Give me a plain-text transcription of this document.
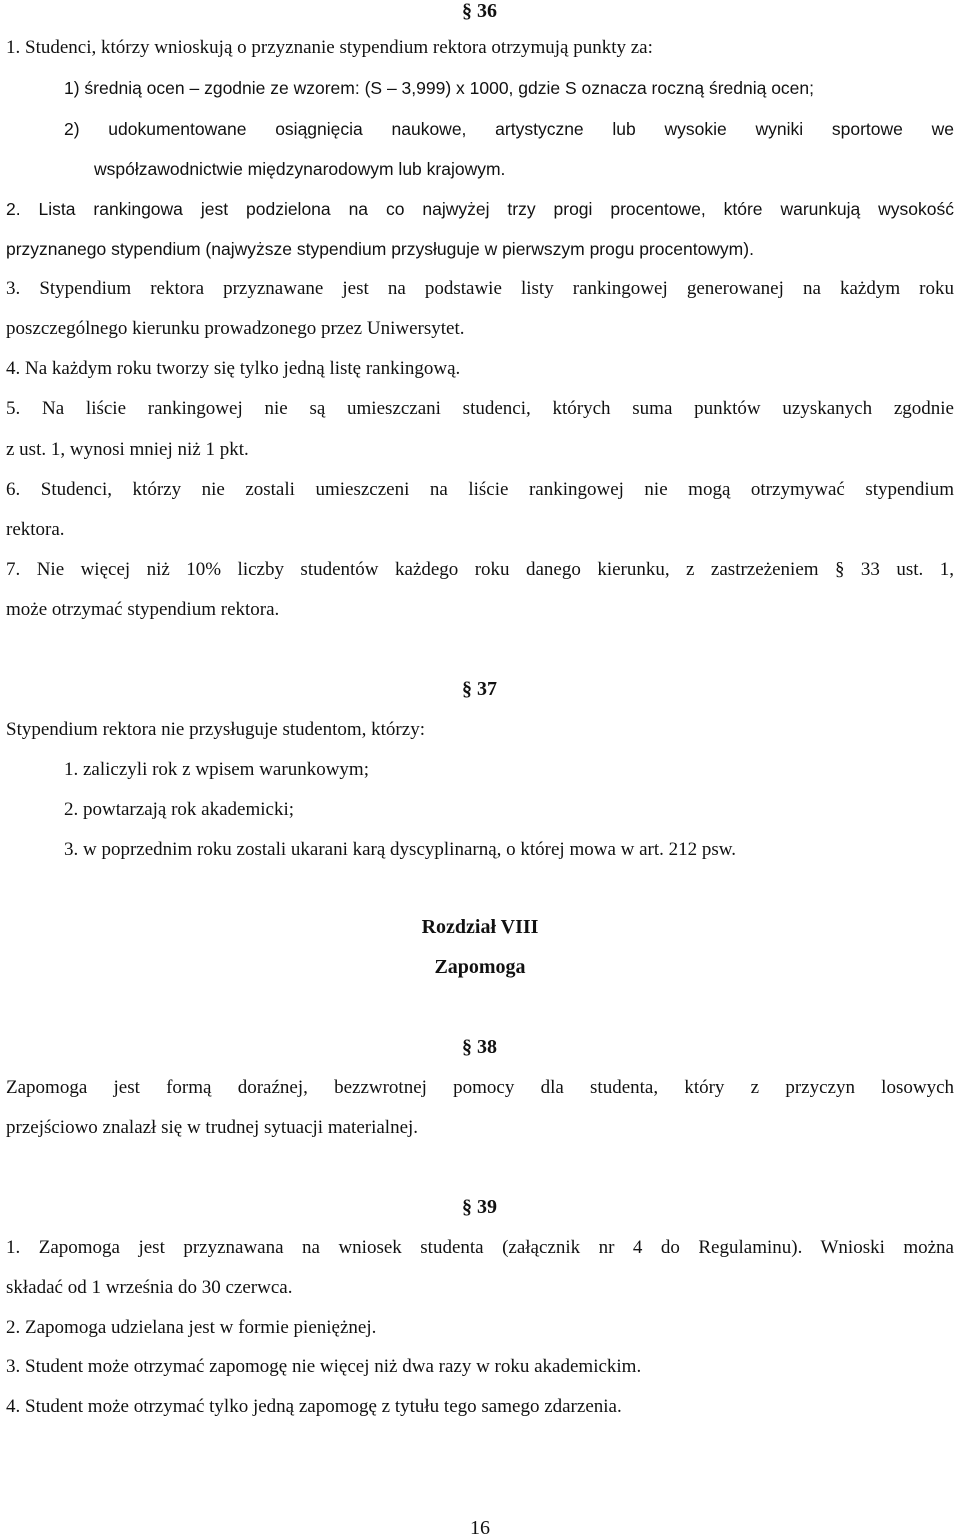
§ 36
1. Studenci, którzy wnioskują o przyznanie stypendium rektora otrzymują punkty za:
1) średnią ocen – zgodnie ze wzorem: (S – 3,999) x 1000, gdzie S oznacza roczną średnią ocen;
2) udokumentowane osiągnięcia naukowe, artystyczne lub wysokie wyniki sportowe we
współzawodnictwie międzynarodowym lub krajowym.
2. Lista rankingowa jest podzielona na co najwyżej trzy progi procentowe, które warunkują wysokość
przyznanego stypendium (najwyższe stypendium przysługuje w pierwszym progu procentowym).
3. Stypendium rektora przyznawane jest na podstawie listy rankingowej generowanej na każdym roku
poszczególnego kierunku prowadzonego przez Uniwersytet.
4. Na każdym roku tworzy się tylko jedną listę rankingową.
5. Na liście rankingowej nie są umieszczani studenci, których suma punktów uzyskanych zgodnie
z ust. 1, wynosi mniej niż 1 pkt.
6. Studenci, którzy nie zostali umieszczeni na liście rankingowej nie mogą otrzymywać stypendium
rektora.
7. Nie więcej niż 10% liczby studentów każdego roku danego kierunku, z zastrzeżeniem § 33 ust. 1,
może otrzymać stypendium rektora.
§ 37
Stypendium rektora nie przysługuje studentom, którzy:
1. zaliczyli rok z wpisem warunkowym;
2. powtarzają rok akademicki;
3. w poprzednim roku zostali ukarani karą dyscyplinarną, o której mowa w art. 212 psw.
Rozdział VIII
Zapomoga
§ 38
Zapomoga jest formą doraźnej, bezzwrotnej pomocy dla studenta, który z przyczyn losowych
przejściowo znalazł się w trudnej sytuacji materialnej.
§ 39
1. Zapomoga jest przyznawana na wniosek studenta (załącznik nr 4 do Regulaminu). Wnioski można
składać od 1 września do 30 czerwca.
2. Zapomoga udzielana jest w formie pieniężnej.
3. Student może otrzymać zapomogę nie więcej niż dwa razy w roku akademickim.
4. Student może otrzymać tylko jedną zapomogę z tytułu tego samego zdarzenia.
16
